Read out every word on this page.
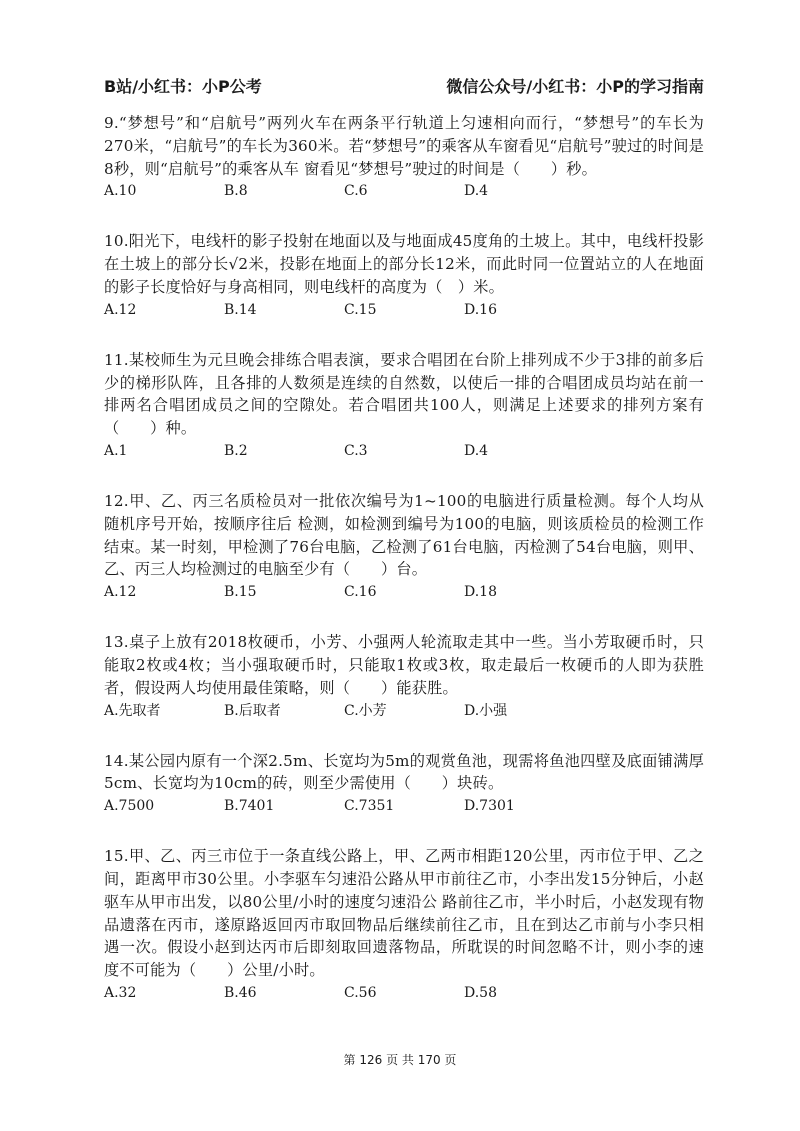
B站/小红书：小P公考	微信公众号/小红书：小P的学习指南

9.“梦想号”和“启航号”两列火车在两条平行轨道上匀速相向而行，“梦想号”的车长为270米，“启航号”的车长为360米。若“梦想号”的乘客从车窗看见“启航号”驶过的时间是8秒，则“启航号”的乘客从车 窗看见“梦想号”驶过的时间是（　　）秒。

A.10	B.8	C.6	D.4

10.阳光下，电线杆的影子投射在地面以及与地面成45度角的土坡上。其中，电线杆投影在土坡上的部分长√2米，投影在地面上的部分长12米，而此时同一位置站立的人在地面的影子长度恰好与身高相同，则电线杆的高度为（　）米。

A.12	B.14	C.15	D.16

11.某校师生为元旦晚会排练合唱表演，要求合唱团在台阶上排列成不少于3排的前多后少的梯形队阵，且各排的人数须是连续的自然数，以使后一排的合唱团成员均站在前一排两名合唱团成员之间的空隙处。若合唱团共100人，则满足上述要求的排列方案有（　　）种。

A.1	B.2	C.3	D.4

12.甲、乙、丙三名质检员对一批依次编号为1~100的电脑进行质量检测。每个人均从随机序号开始，按顺序往后 检测，如检测到编号为100的电脑，则该质检员的检测工作结束。某一时刻，甲检测了76台电脑，乙检测了61台电脑，丙检测了54台电脑，则甲、乙、丙三人均检测过的电脑至少有（　　）台。

A.12	B.15	C.16	D.18

13.桌子上放有2018枚硬币，小芳、小强两人轮流取走其中一些。当小芳取硬币时，只能取2枚或4枚；当小强取硬币时，只能取1枚或3枚，取走最后一枚硬币的人即为获胜者，假设两人均使用最佳策略，则（　　）能获胜。

A.先取者	B.后取者	C.小芳	D.小强

14.某公园内原有一个深2.5m、长宽均为5m的观赏鱼池，现需将鱼池四壁及底面铺满厚5cm、长宽均为10cm的砖，则至少需使用（　　）块砖。

A.7500	B.7401	C.7351	D.7301

15.甲、乙、丙三市位于一条直线公路上，甲、乙两市相距120公里，丙市位于甲、乙之间，距离甲市30公里。小李驱车匀速沿公路从甲市前往乙市，小李出发15分钟后，小赵驱车从甲市出发，以80公里/小时的速度匀速沿公 路前往乙市，半小时后，小赵发现有物品遗落在丙市，遂原路返回丙市取回物品后继续前往乙市，且在到达乙市前与小李只相遇一次。假设小赵到达丙市后即刻取回遗落物品，所耽误的时间忽略不计，则小李的速度不可能为（　　）公里/小时。

A.32	B.46	C.56	D.58
第 126 页 共 170 页
